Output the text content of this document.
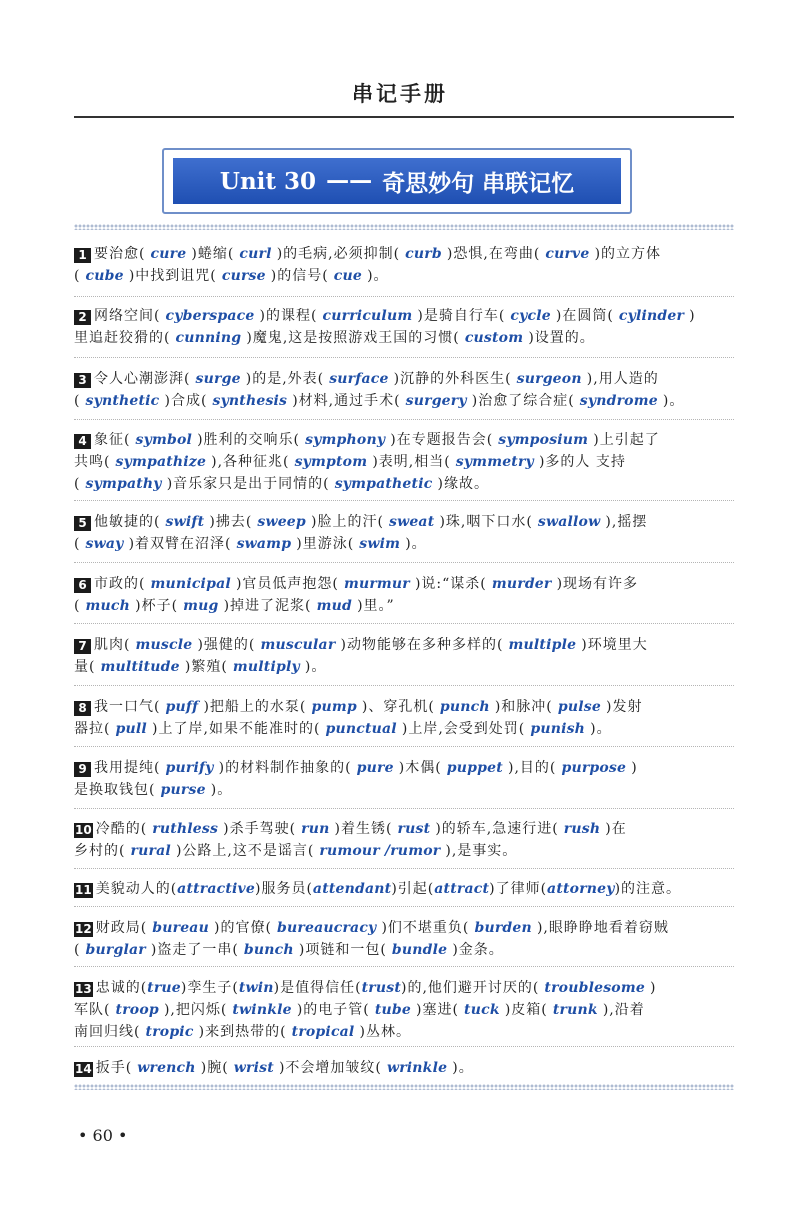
串记手册
Unit 30 —— 奇思妙句 串联记忆
1 要治愈( cure )蜷缩( curl )的毛病,必须抑制( curb )恐惧,在弯曲( curve )的立方体
( cube )中找到诅咒( curse )的信号( cue )。
2 网络空间( cyberspace )的课程( curriculum )是骑自行车( cycle )在圆筒( cylinder )
里追赶狡猾的( cunning )魔鬼,这是按照游戏王国的习惯( custom )设置的。
3 令人心潮澎湃( surge )的是,外表( surface )沉静的外科医生( surgeon ),用人造的
( synthetic )合成( synthesis )材料,通过手术( surgery )治愈了综合症( syndrome )。
4 象征( symbol )胜利的交响乐( symphony )在专题报告会( symposium )上引起了
共鸣( sympathize ),各种征兆( symptom )表明,相当( symmetry )多的人 支持
( sympathy )音乐家只是出于同情的( sympathetic )缘故。
5 他敏捷的( swift )拂去( sweep )脸上的汗( sweat )珠,咽下口水( swallow ),摇摆
( sway )着双臂在沼泽( swamp )里游泳( swim )。
6 市政的( municipal )官员低声抱怨( murmur )说:“谋杀( murder )现场有许多
( much )杯子( mug )掉进了泥浆( mud )里。”
7 肌肉( muscle )强健的( muscular )动物能够在多种多样的( multiple )环境里大
量( multitude )繁殖( multiply )。
8 我一口气( puff )把船上的水泵( pump )、穿孔机( punch )和脉冲( pulse )发射
器拉( pull )上了岸,如果不能准时的( punctual )上岸,会受到处罚( punish )。
9 我用提纯( purify )的材料制作抽象的( pure )木偶( puppet ),目的( purpose )
是换取钱包( purse )。
10 冷酷的( ruthless )杀手驾驶( run )着生锈( rust )的轿车,急速行进( rush )在
乡村的( rural )公路上,这不是谣言( rumour /rumor ),是事实。
11 美貌动人的(attractive)服务员(attendant)引起(attract)了律师(attorney)的注意。
12 财政局( bureau )的官僚( bureaucracy )们不堪重负( burden ),眼睁睁地看着窃贼
( burglar )盗走了一串( bunch )项链和一包( bundle )金条。
13 忠诚的(true)孪生子(twin)是值得信任(trust)的,他们避开讨厌的( troublesome )
军队( troop ),把闪烁( twinkle )的电子管( tube )塞进( tuck )皮箱( trunk ),沿着
南回归线( tropic )来到热带的( tropical )丛林。
14 扳手( wrench )腕( wrist )不会增加皱纹( wrinkle )。
• 60 •
